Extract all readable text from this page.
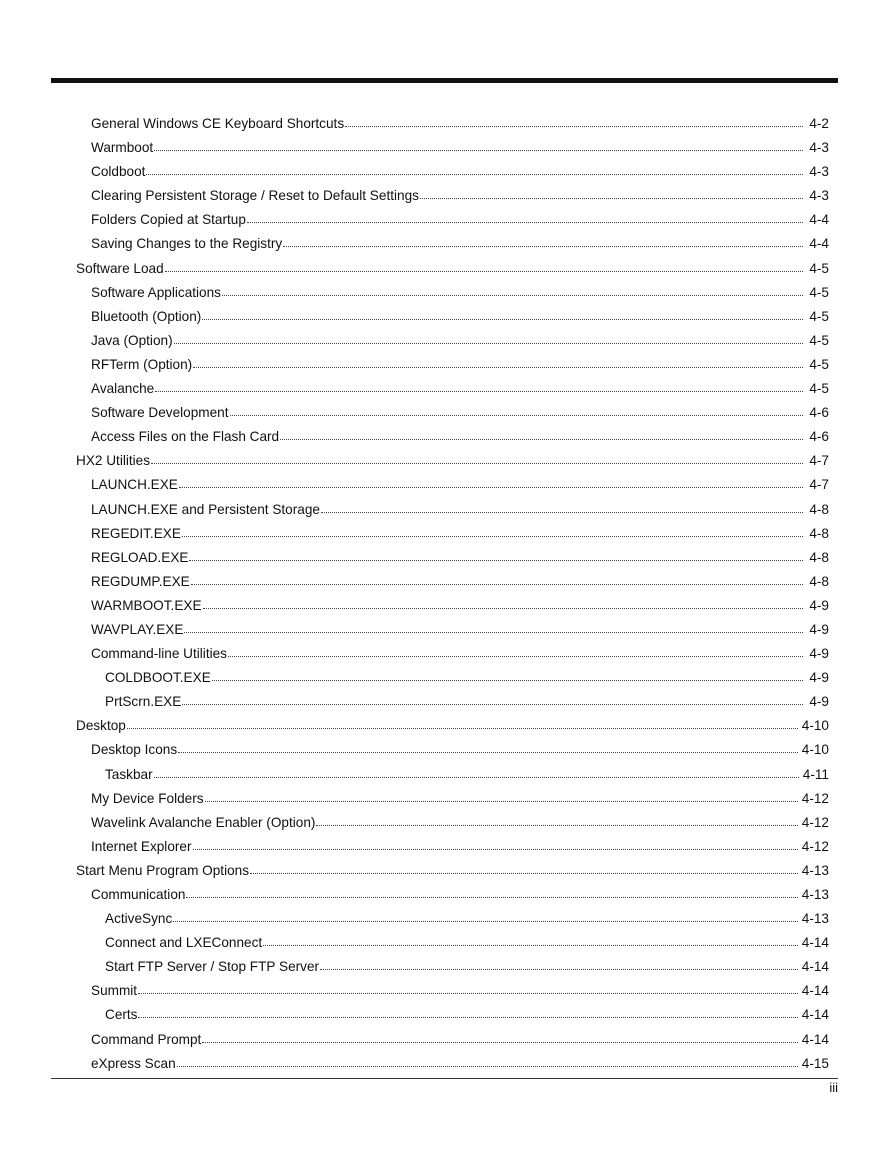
General Windows CE Keyboard Shortcuts	4-2
Warmboot	4-3
Coldboot	4-3
Clearing Persistent Storage / Reset to Default Settings	4-3
Folders Copied at Startup	4-4
Saving Changes to the Registry	4-4
Software Load	4-5
Software Applications	4-5
Bluetooth (Option)	4-5
Java (Option)	4-5
RFTerm (Option)	4-5
Avalanche	4-5
Software Development	4-6
Access Files on the Flash Card	4-6
HX2 Utilities	4-7
LAUNCH.EXE	4-7
LAUNCH.EXE and Persistent Storage	4-8
REGEDIT.EXE	4-8
REGLOAD.EXE	4-8
REGDUMP.EXE	4-8
WARMBOOT.EXE	4-9
WAVPLAY.EXE	4-9
Command-line Utilities	4-9
COLDBOOT.EXE	4-9
PrtScrn.EXE	4-9
Desktop	4-10
Desktop Icons	4-10
Taskbar	4-11
My Device Folders	4-12
Wavelink Avalanche Enabler (Option)	4-12
Internet Explorer	4-12
Start Menu Program Options	4-13
Communication	4-13
ActiveSync	4-13
Connect and LXEConnect	4-14
Start FTP Server / Stop FTP Server	4-14
Summit	4-14
Certs	4-14
Command Prompt	4-14
eXpress Scan	4-15
iii
